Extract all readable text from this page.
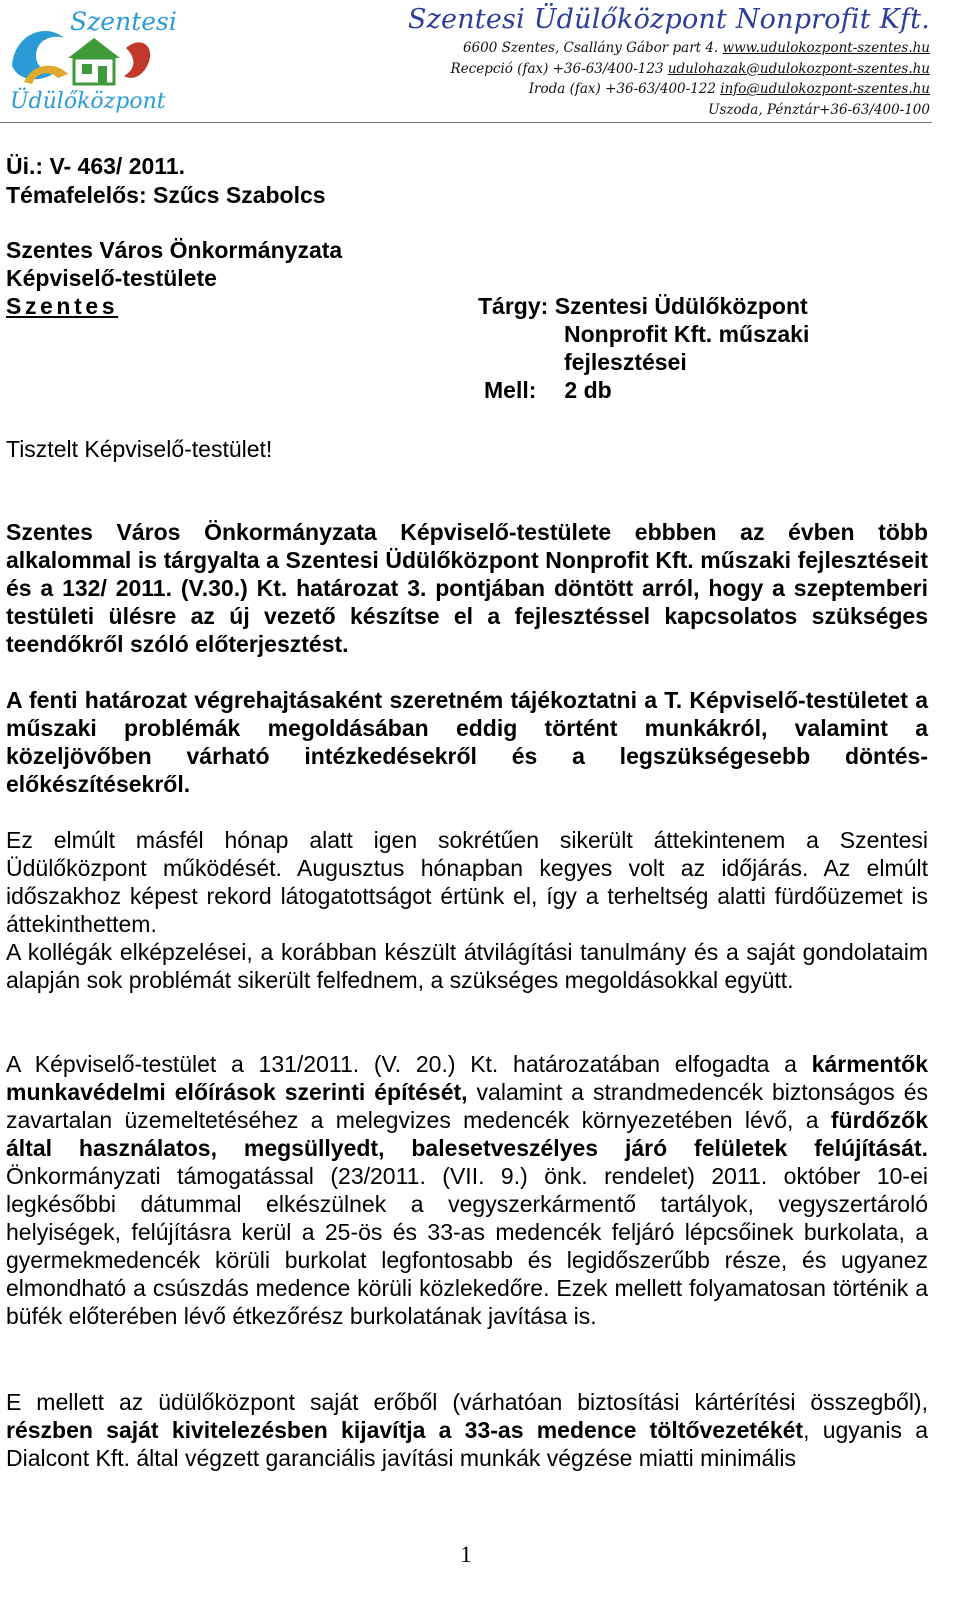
Szentesi
Üdülőközpont
Szentesi Üdülőközpont Nonprofit Kft.
6600 Szentes, Csallány Gábor part 4. www.udulokozpont-szentes.hu
Recepció (fax) +36-63/400-123 udulohazak@udulokozpont-szentes.hu
Iroda (fax) +36-63/400-122 info@udulokozpont-szentes.hu
Uszoda, Pénztár+36-63/400-100
Üi.: V- 463/ 2011.
Témafelelős: Szűcs Szabolcs
Szentes Város Önkormányzata
Képviselő-testülete
Szentes	Tárgy: Szentesi Üdülőközpont
Nonprofit Kft. műszaki
fejlesztései
Mell: 2 db
Tisztelt Képviselő-testület!
Szentes Város Önkormányzata Képviselő-testülete ebbben az évben több alkalommal is tárgyalta a Szentesi Üdülőközpont Nonprofit Kft. műszaki fejlesztéseit és a 132/ 2011. (V.30.) Kt. határozat 3. pontjában döntött arról, hogy a szeptemberi testületi ülésre az új vezető készítse el a fejlesztéssel kapcsolatos szükséges teendőkről szóló előterjesztést.
A fenti határozat végrehajtásaként szeretném tájékoztatni a T. Képviselő-testületet a műszaki problémák megoldásában eddig történt munkákról, valamint a közeljövőben várható intézkedésekről és a legszükségesebb döntés-előkészítésekről.
Ez elmúlt másfél hónap alatt igen sokrétűen sikerült áttekintenem a Szentesi Üdülőközpont működését. Augusztus hónapban kegyes volt az időjárás. Az elmúlt időszakhoz képest rekord látogatottságot értünk el, így a terheltség alatti fürdőüzemet is áttekinthettem.
A kollégák elképzelései, a korábban készült átvilágítási tanulmány és a saját gondolataim alapján sok problémát sikerült felfednem, a szükséges megoldásokkal együtt.
A Képviselő-testület a 131/2011. (V. 20.) Kt. határozatában elfogadta a kármentők munkavédelmi előírások szerinti építését, valamint a strandmedencék biztonságos és zavartalan üzemeltetéséhez a melegvizes medencék környezetében lévő, a fürdőzők által használatos, megsüllyedt, balesetveszélyes járó felületek felújítását. Önkormányzati támogatással (23/2011. (VII. 9.) önk. rendelet) 2011. október 10-ei legkésőbbi dátummal elkészülnek a vegyszerkármentő tartályok, vegyszertároló helyiségek, felújításra kerül a 25-ös és 33-as medencék feljáró lépcsőinek burkolata, a gyermekmedencék körüli burkolat legfontosabb és legidőszerűbb része, és ugyanez elmondható a csúszdás medence körüli közlekedőre. Ezek mellett folyamatosan történik a büfék előterében lévő étkezőrész burkolatának javítása is.
E mellett az üdülőközpont saját erőből (várhatóan biztosítási kártérítési összegből), részben saját kivitelezésben kijavítja a 33-as medence töltővezetékét, ugyanis a Dialcont Kft. által végzett garanciális javítási munkák végzése miatti minimális
1
